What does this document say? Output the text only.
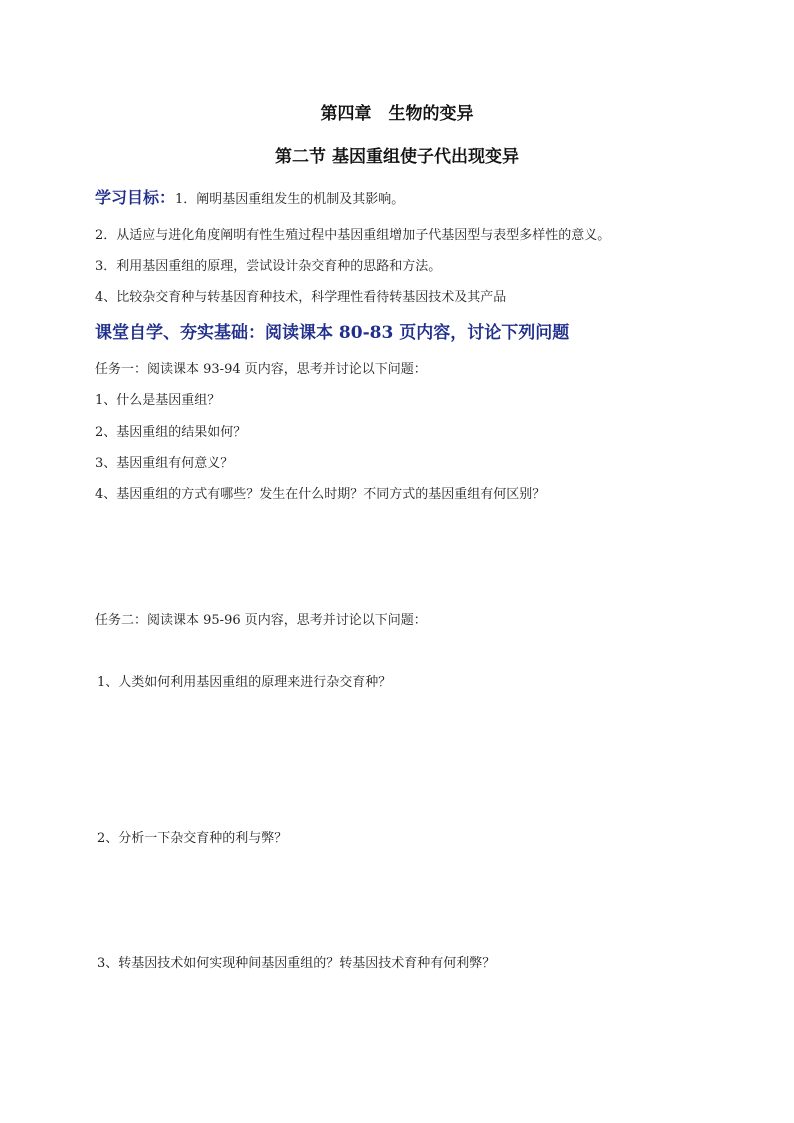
第四章　生物的变异
第二节 基因重组使子代出现变异
学习目标：1．阐明基因重组发生的机制及其影响。
2．从适应与进化角度阐明有性生殖过程中基因重组增加子代基因型与表型多样性的意义。
3．利用基因重组的原理，尝试设计杂交育种的思路和方法。
4、比较杂交育种与转基因育种技术，科学理性看待转基因技术及其产品
课堂自学、夯实基础：阅读课本 80-83 页内容，讨论下列问题
任务一：阅读课本 93-94 页内容，思考并讨论以下问题：
1、什么是基因重组？
2、基因重组的结果如何？
3、基因重组有何意义？
4、基因重组的方式有哪些？发生在什么时期？不同方式的基因重组有何区别？
任务二：阅读课本 95-96 页内容，思考并讨论以下问题：
1、人类如何利用基因重组的原理来进行杂交育种？
2、分析一下杂交育种的利与弊？
3、转基因技术如何实现种间基因重组的？转基因技术育种有何利弊？
